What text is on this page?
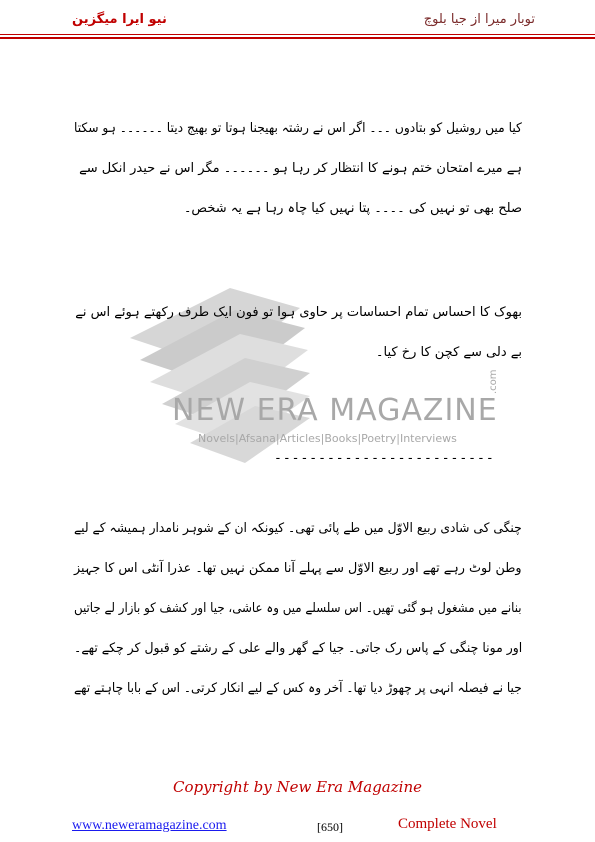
توبار میرا از جیا بلوچ
نیو ایرا میگزین
NEW ERA MAGAZINE
.com
Novels|Afsana|Articles|Books|Poetry|Interviews
کیا میں روشیل کو بتادوں ۔۔۔ اگر اس نے رشتہ بھیجنا ہوتا تو بھیج دیتا ۔۔۔۔۔۔ ہو سکتا
ہے میرے امتحان ختم ہونے کا انتظار کر رہا ہو ۔۔۔۔۔۔ مگر اس نے حیدر انکل سے
صلح بھی تو نہیں کی ۔۔۔۔ پتا نہیں کیا چاہ رہا ہے یہ شخص۔
بھوک کا احساس تمام احساسات پر حاوی ہوا تو فون ایک طرف رکھتے ہوئے اس نے
بے دلی سے کچن کا رخ کیا۔
-------------------------
چنگی کی شادی ربیع الاوّل میں طے پائی تھی۔ کیونکہ ان کے شوہر نامدار ہمیشہ کے لیے
وطن لوٹ رہے تھے اور ربیع الاوّل سے پہلے آنا ممکن نہیں تھا۔ عذرا آنٹی اس کا جہیز
بنانے میں مشغول ہو گئی تھیں۔ اس سلسلے میں وہ عاشی، جیا اور کشف کو بازار لے جاتیں
اور مونا چنگی کے پاس رک جاتی۔ جیا کے گھر والے علی کے رشتے کو قبول کر چکے تھے۔
جیا نے فیصلہ انہی پر چھوڑ دیا تھا۔ آخر وہ کس کے لیے انکار کرتی۔ اس کے بابا چاہتے تھے
Copyright by New Era Magazine
www.neweramagazine.com	[650]	Complete Novel
